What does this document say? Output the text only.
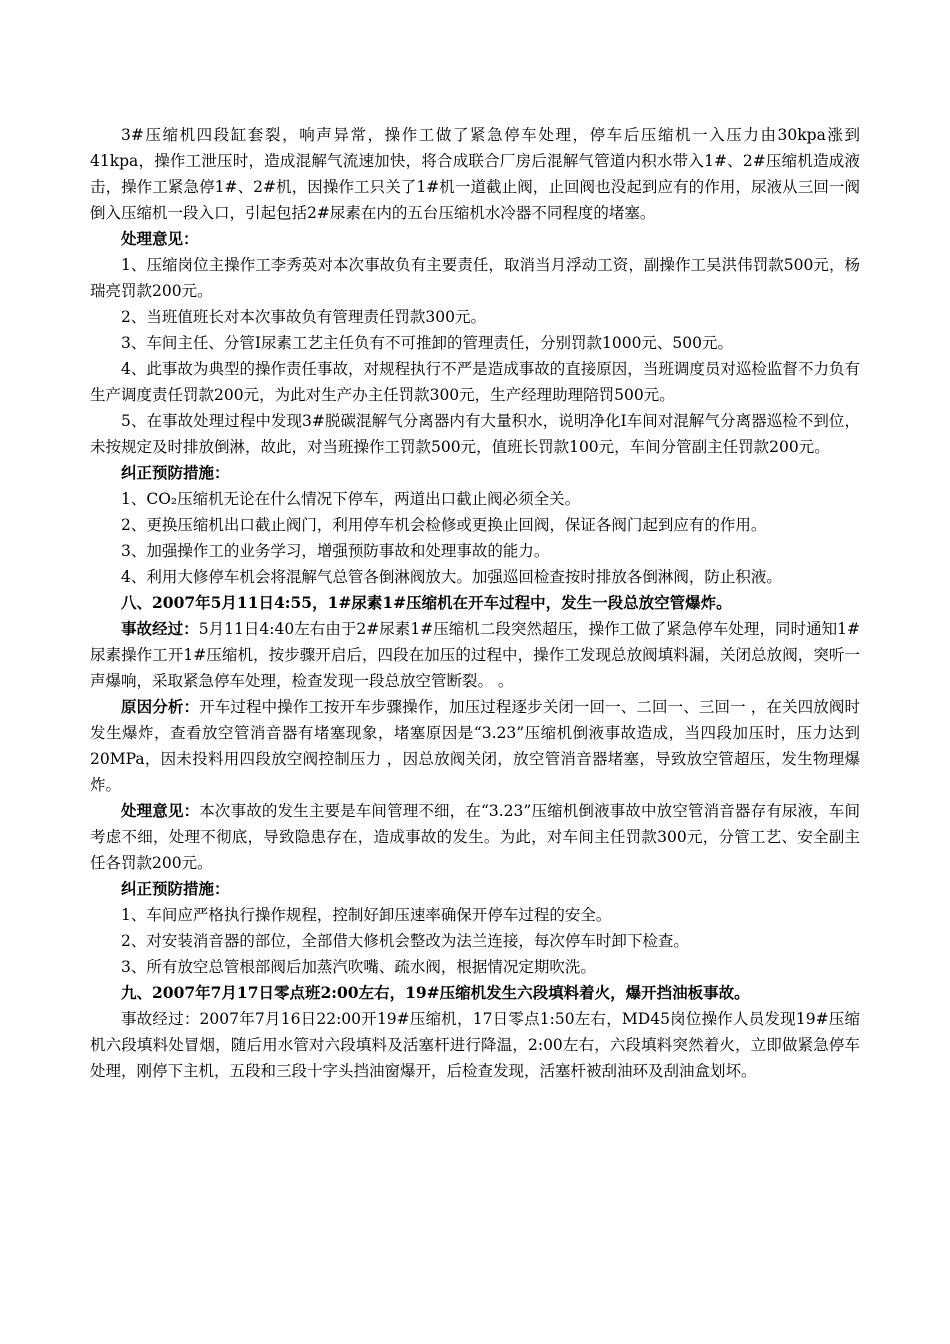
3#压缩机四段缸套裂，响声异常，操作工做了紧急停车处理，停车后压缩机一入压力由30kpa涨到41kpa，操作工泄压时，造成混解气流速加快，将合成联合厂房后混解气管道内积水带入1#、2#压缩机造成液击，操作工紧急停1#、2#机，因操作工只关了1#机一道截止阀，止回阀也没起到应有的作用，尿液从三回一阀倒入压缩机一段入口，引起包括2#尿素在内的五台压缩机水冷器不同程度的堵塞。

处理意见：

1、压缩岗位主操作工李秀英对本次事故负有主要责任，取消当月浮动工资，副操作工吴洪伟罚款500元，杨瑞亮罚款200元。

2、当班值班长对本次事故负有管理责任罚款300元。

3、车间主任、分管Ⅰ尿素工艺主任负有不可推卸的管理责任，分别罚款1000元、500元。

4、此事故为典型的操作责任事故，对规程执行不严是造成事故的直接原因，当班调度员对巡检监督不力负有生产调度责任罚款200元，为此对生产办主任罚款300元，生产经理助理陪罚500元。

5、在事故处理过程中发现3#脱碳混解气分离器内有大量积水，说明净化Ⅰ车间对混解气分离器巡检不到位，未按规定及时排放倒淋，故此，对当班操作工罚款500元，值班长罚款100元，车间分管副主任罚款200元。

纠正预防措施：

1、CO₂压缩机无论在什么情况下停车，两道出口截止阀必须全关。

2、更换压缩机出口截止阀门，利用停车机会检修或更换止回阀，保证各阀门起到应有的作用。

3、加强操作工的业务学习，增强预防事故和处理事故的能力。

4、利用大修停车机会将混解气总管各倒淋阀放大。加强巡回检查按时排放各倒淋阀，防止积液。

八、2007年5月11日4:55，1#尿素1#压缩机在开车过程中，发生一段总放空管爆炸。

事故经过：5月11日4:40左右由于2#尿素1#压缩机二段突然超压，操作工做了紧急停车处理，同时通知1#尿素操作工开1#压缩机，按步骤开启后，四段在加压的过程中，操作工发现总放阀填料漏，关闭总放阀，突听一声爆响，采取紧急停车处理，检查发现一段总放空管断裂。 。

原因分析：开车过程中操作工按开车步骤操作，加压过程逐步关闭一回一、二回一、三回一 ，在关四放阀时发生爆炸，查看放空管消音器有堵塞现象，堵塞原因是“3.23”压缩机倒液事故造成，当四段加压时，压力达到20MPa，因未投料用四段放空阀控制压力 ，因总放阀关闭，放空管消音器堵塞，导致放空管超压，发生物理爆炸。

处理意见：本次事故的发生主要是车间管理不细，在“3.23”压缩机倒液事故中放空管消音器存有尿液，车间考虑不细，处理不彻底，导致隐患存在，造成事故的发生。为此，对车间主任罚款300元，分管工艺、安全副主任各罚款200元。

纠正预防措施：

1、车间应严格执行操作规程，控制好卸压速率确保开停车过程的安全。

2、对安装消音器的部位，全部借大修机会整改为法兰连接，每次停车时卸下检查。

3、所有放空总管根部阀后加蒸汽吹嘴、疏水阀，根据情况定期吹洗。

九、2007年7月17日零点班2:00左右，19#压缩机发生六段填料着火，爆开挡油板事故。

事故经过：2007年7月16日22:00开19#压缩机，17日零点1:50左右，MD45岗位操作人员发现19#压缩机六段填料处冒烟，随后用水管对六段填料及活塞杆进行降温，2:00左右，六段填料突然着火，立即做紧急停车处理，刚停下主机，五段和三段十字头挡油窗爆开，后检查发现，活塞杆被刮油环及刮油盒划坏。
